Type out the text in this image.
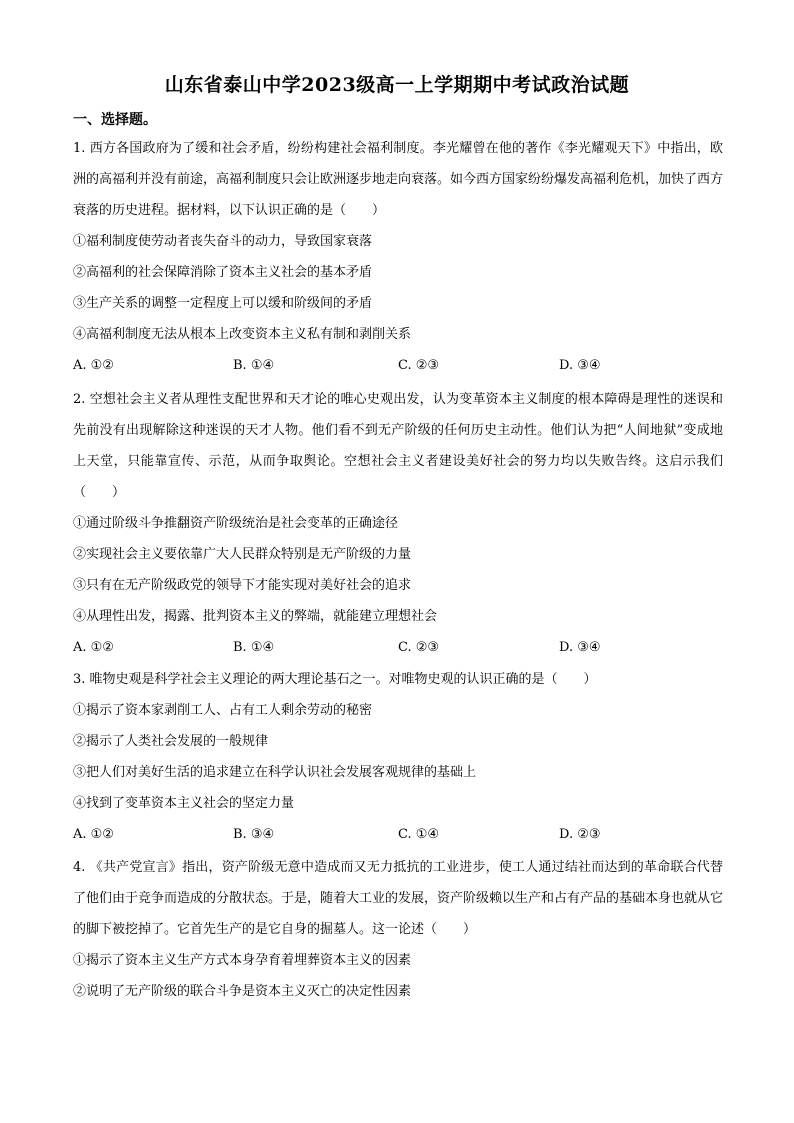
山东省泰山中学2023级高一上学期期中考试政治试题
一、选择题。

1. 西方各国政府为了缓和社会矛盾，纷纷构建社会福利制度。李光耀曾在他的著作《李光耀观天下》中指出，欧洲的高福利并没有前途，高福利制度只会让欧洲逐步地走向衰落。如今西方国家纷纷爆发高福利危机，加快了西方衰落的历史进程。据材料，以下认识正确的是（　　）

①福利制度使劳动者丧失奋斗的动力，导致国家衰落

②高福利的社会保障消除了资本主义社会的基本矛盾

③生产关系的调整一定程度上可以缓和阶级间的矛盾

④高福利制度无法从根本上改变资本主义私有制和剥削关系

A. ①②	B. ①④	C. ②③	D. ③④

2. 空想社会主义者从理性支配世界和天才论的唯心史观出发，认为变革资本主义制度的根本障碍是理性的迷误和先前没有出现解除这种迷误的天才人物。他们看不到无产阶级的任何历史主动性。他们认为把“人间地狱”变成地上天堂，只能靠宣传、示范，从而争取舆论。空想社会主义者建设美好社会的努力均以失败告终。这启示我们（　　）

①通过阶级斗争推翻资产阶级统治是社会变革的正确途径

②实现社会主义要依靠广大人民群众特别是无产阶级的力量

③只有在无产阶级政党的领导下才能实现对美好社会的追求

④从理性出发，揭露、批判资本主义的弊端，就能建立理想社会

A. ①②	B. ①④	C. ②③	D. ③④

3. 唯物史观是科学社会主义理论的两大理论基石之一。对唯物史观的认识正确的是（　　）

①揭示了资本家剥削工人、占有工人剩余劳动的秘密

②揭示了人类社会发展的一般规律

③把人们对美好生活的追求建立在科学认识社会发展客观规律的基础上

④找到了变革资本主义社会的坚定力量

A. ①②	B. ③④	C. ①④	D. ②③

4. 《共产党宣言》指出，资产阶级无意中造成而又无力抵抗的工业进步，使工人通过结社而达到的革命联合代替了他们由于竞争而造成的分散状态。于是，随着大工业的发展，资产阶级赖以生产和占有产品的基础本身也就从它的脚下被挖掉了。它首先生产的是它自身的掘墓人。这一论述（　　）

①揭示了资本主义生产方式本身孕育着埋葬资本主义的因素

②说明了无产阶级的联合斗争是资本主义灭亡的决定性因素
